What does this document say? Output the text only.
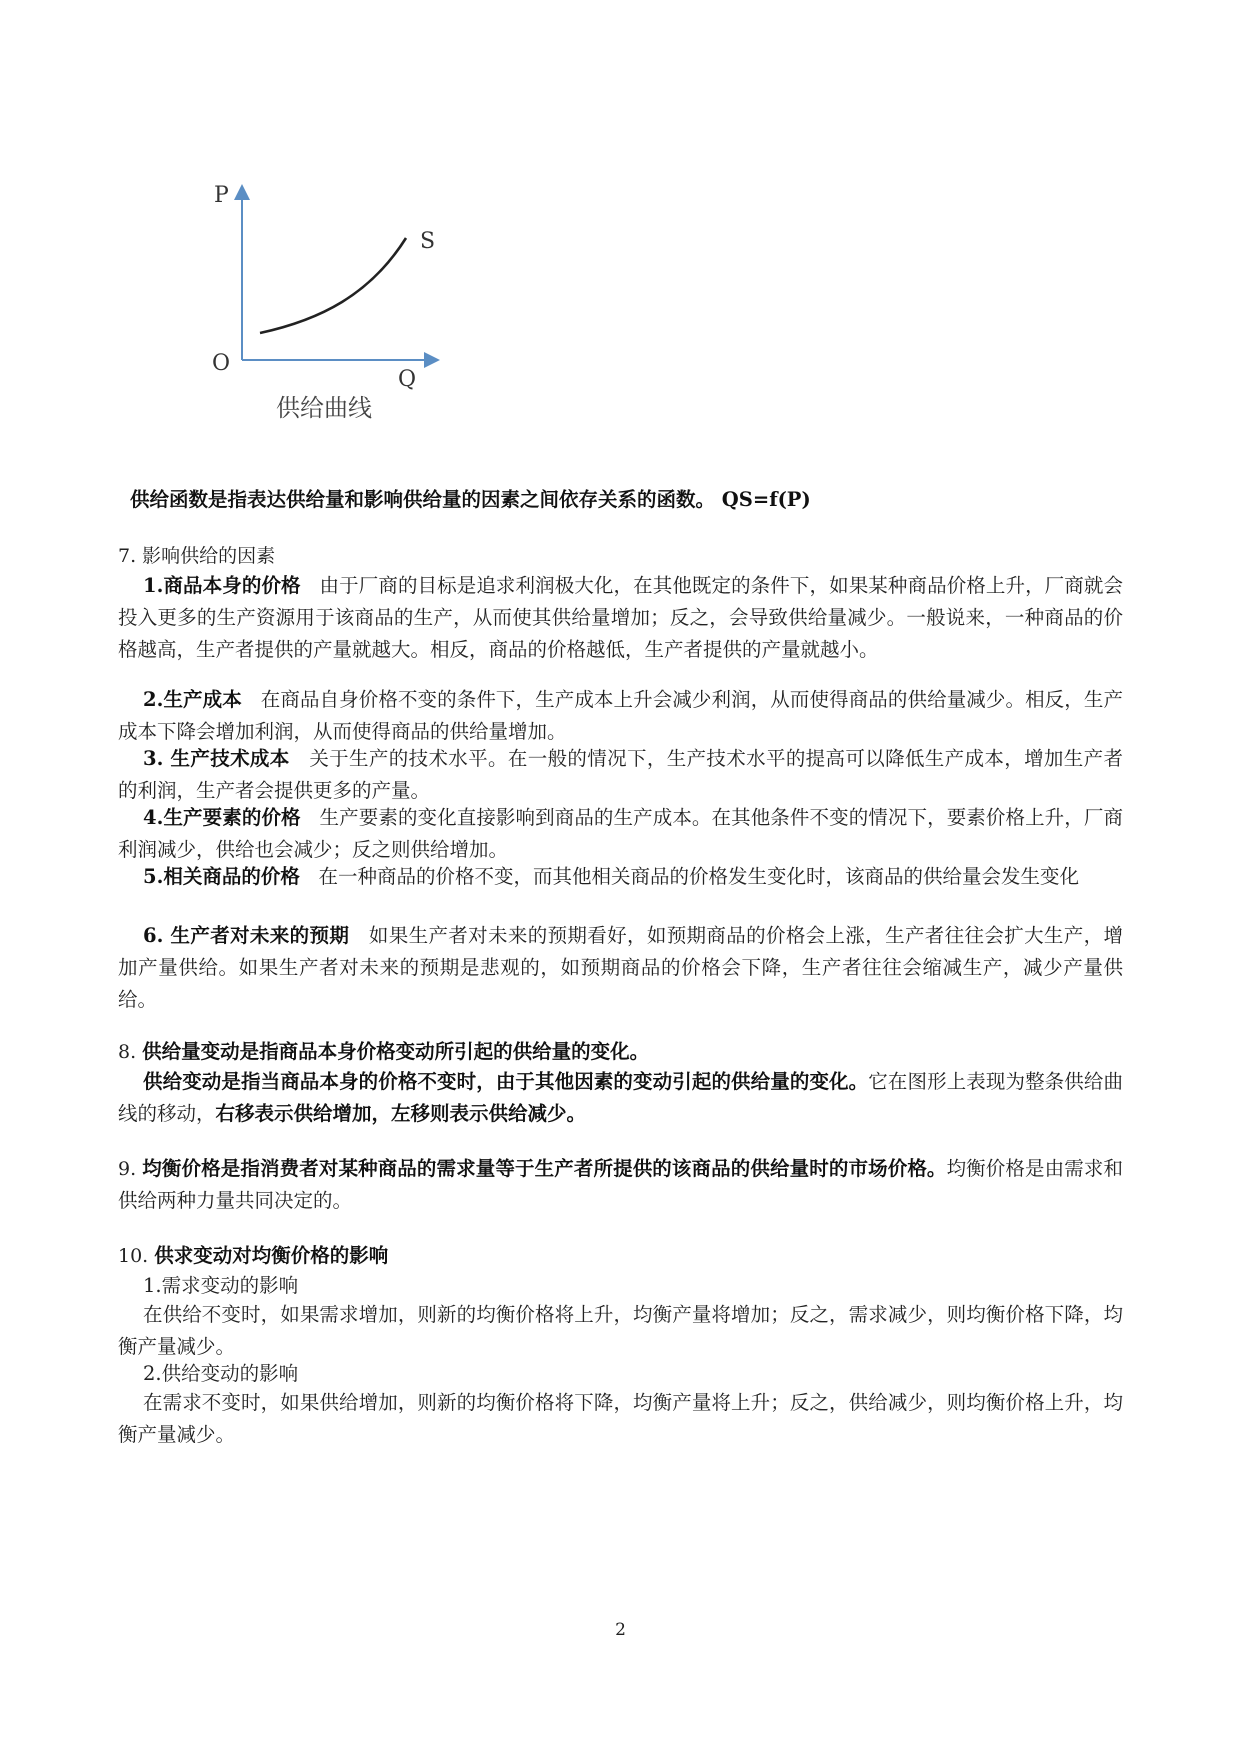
P
O
Q
S
供给曲线
供给函数是指表达供给量和影响供给量的因素之间依存关系的函数。 QS=f(P)
7. 影响供给的因素
1.商品本身的价格 由于厂商的目标是追求利润极大化，在其他既定的条件下，如果某种商品价格上升，厂商就会投入更多的生产资源用于该商品的生产，从而使其供给量增加；反之，会导致供给量减少。一般说来，一种商品的价格越高，生产者提供的产量就越大。相反，商品的价格越低，生产者提供的产量就越小。
2.生产成本 在商品自身价格不变的条件下，生产成本上升会减少利润，从而使得商品的供给量减少。相反，生产成本下降会增加利润，从而使得商品的供给量增加。
3. 生产技术成本 关于生产的技术水平。在一般的情况下，生产技术水平的提高可以降低生产成本，增加生产者的利润，生产者会提供更多的产量。
4.生产要素的价格 生产要素的变化直接影响到商品的生产成本。在其他条件不变的情况下，要素价格上升，厂商利润减少，供给也会减少；反之则供给增加。
5.相关商品的价格 在一种商品的价格不变，而其他相关商品的价格发生变化时，该商品的供给量会发生变化
6. 生产者对未来的预期 如果生产者对未来的预期看好，如预期商品的价格会上涨，生产者往往会扩大生产，增加产量供给。如果生产者对未来的预期是悲观的，如预期商品的价格会下降，生产者往往会缩减生产，减少产量供给。
8. 供给量变动是指商品本身价格变动所引起的供给量的变化。
供给变动是指当商品本身的价格不变时，由于其他因素的变动引起的供给量的变化。它在图形上表现为整条供给曲线的移动，右移表示供给增加，左移则表示供给减少。
9. 均衡价格是指消费者对某种商品的需求量等于生产者所提供的该商品的供给量时的市场价格。均衡价格是由需求和供给两种力量共同决定的。
10. 供求变动对均衡价格的影响
1.需求变动的影响
在供给不变时，如果需求增加，则新的均衡价格将上升，均衡产量将增加；反之，需求减少，则均衡价格下降，均衡产量减少。
2.供给变动的影响
在需求不变时，如果供给增加，则新的均衡价格将下降，均衡产量将上升；反之，供给减少，则均衡价格上升，均衡产量减少。
2
